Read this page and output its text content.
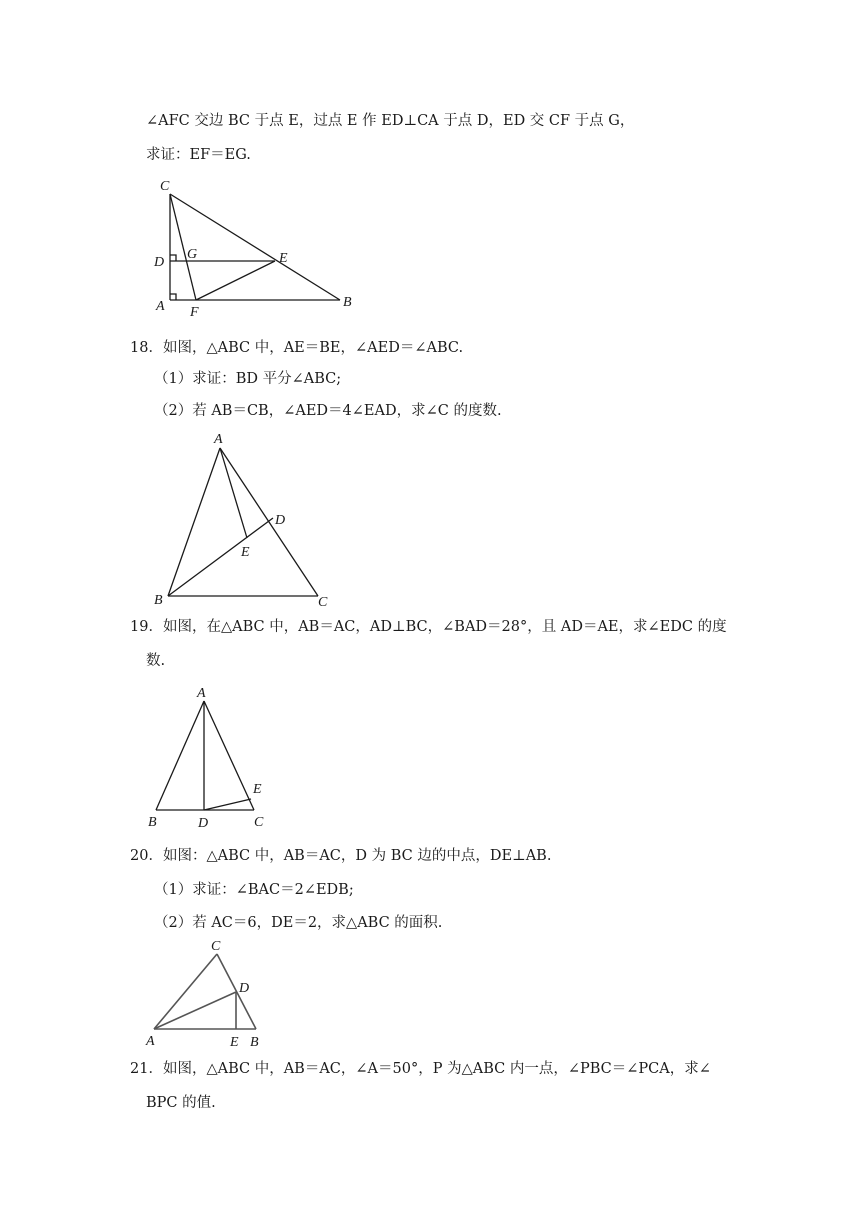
∠AFC 交边 BC 于点 E，过点 E 作 ED⊥CA 于点 D，ED 交 CF 于点 G，
求证：EF＝EG.
C
D
G	E
A F
B
18．如图，△ABC 中，AE＝BE，∠AED＝∠ABC.
（1）求证：BD 平分∠ABC;
（2）若 AB＝CB，∠AED＝4∠EAD，求∠C 的度数.
A
D
E
B	C
19．如图，在△ABC 中，AB＝AC，AD⊥BC，∠BAD＝28°，且 AD＝AE，求∠EDC 的度
数.
A
E
B	D	C
20．如图：△ABC 中，AB＝AC，D 为 BC 边的中点，DE⊥AB.
（1）求证：∠BAC＝2∠EDB;
（2）若 AC＝6，DE＝2，求△ABC 的面积.
C
D
A	E B
21．如图，△ABC 中，AB＝AC，∠A＝50°，P 为△ABC 内一点，∠PBC＝∠PCA，求∠
BPC 的值.
